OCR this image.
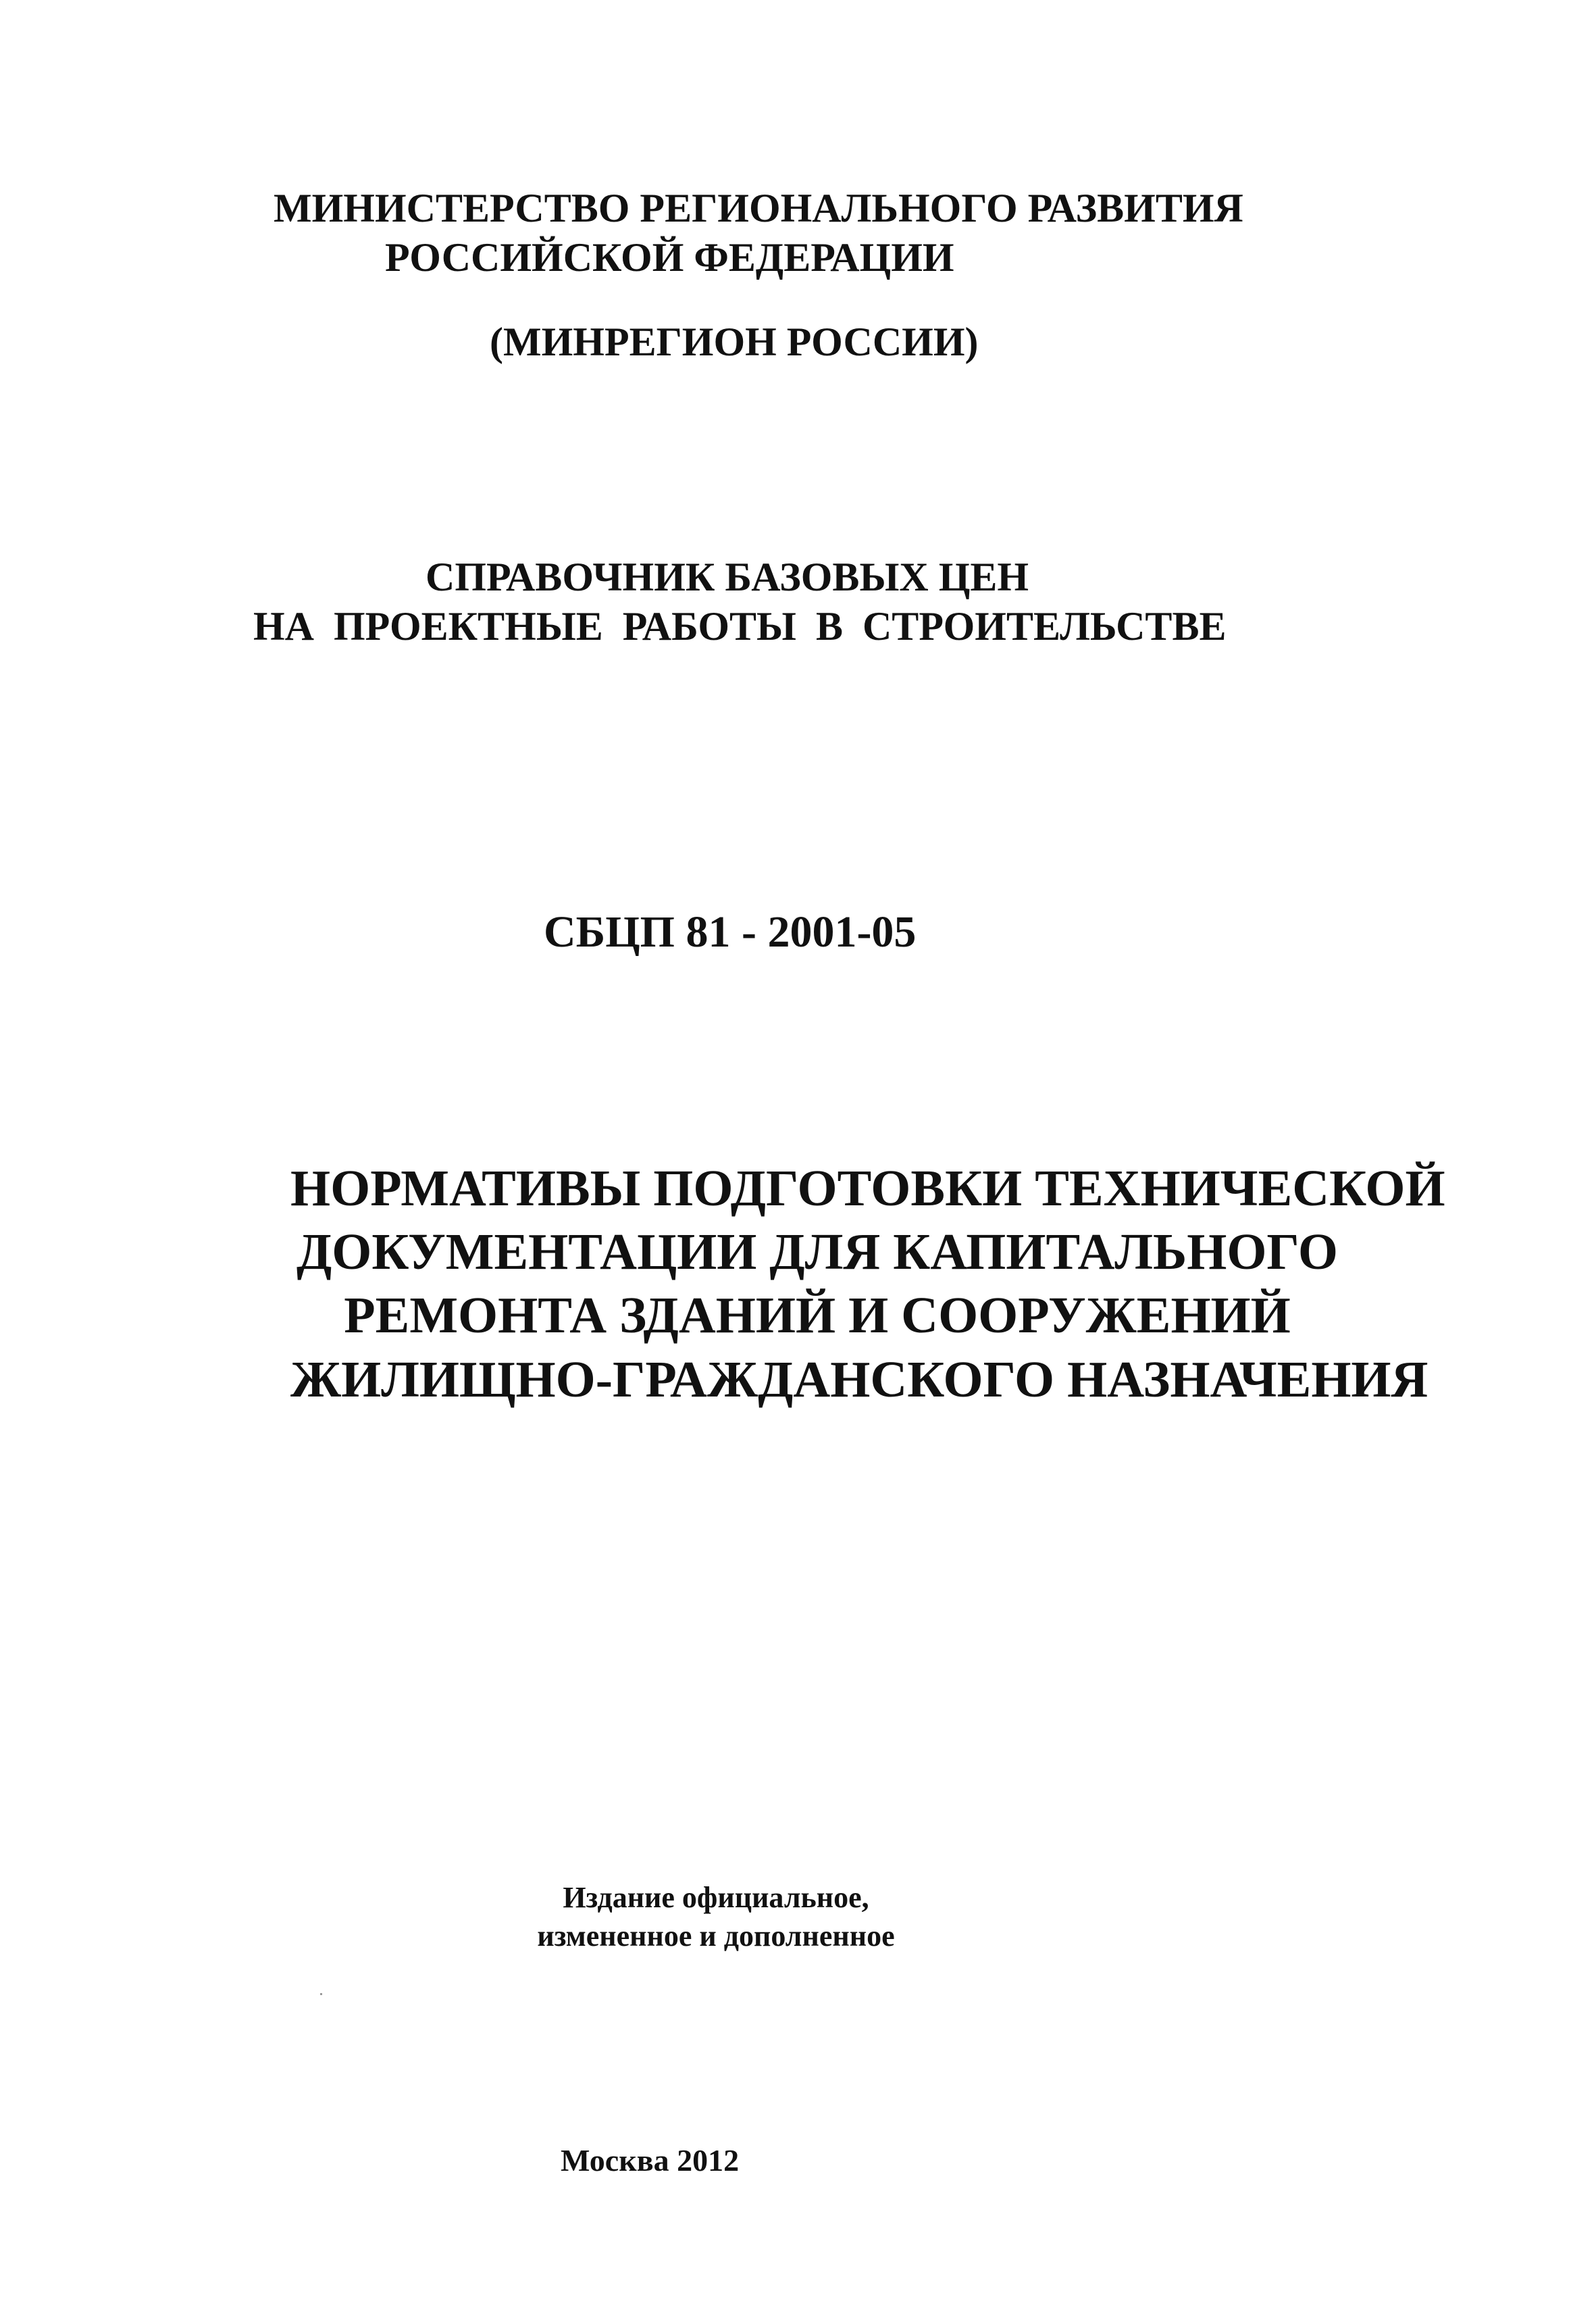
МИНИСТЕРСТВО РЕГИОНАЛЬНОГО РАЗВИТИЯ
РОССИЙСКОЙ ФЕДЕРАЦИИ
(МИНРЕГИОН РОССИИ)
СПРАВОЧНИК БАЗОВЫХ ЦЕН
НА ПРОЕКТНЫЕ РАБОТЫ В СТРОИТЕЛЬСТВЕ
СБЦП 81 - 2001-05
НОРМАТИВЫ ПОДГОТОВКИ ТЕХНИЧЕСКОЙ
ДОКУМЕНТАЦИИ ДЛЯ КАПИТАЛЬНОГО
РЕМОНТА ЗДАНИЙ И СООРУЖЕНИЙ
ЖИЛИЩНО-ГРАЖДАНСКОГО НАЗНАЧЕНИЯ
Издание официальное,
измененное и дополненное
Москва 2012
